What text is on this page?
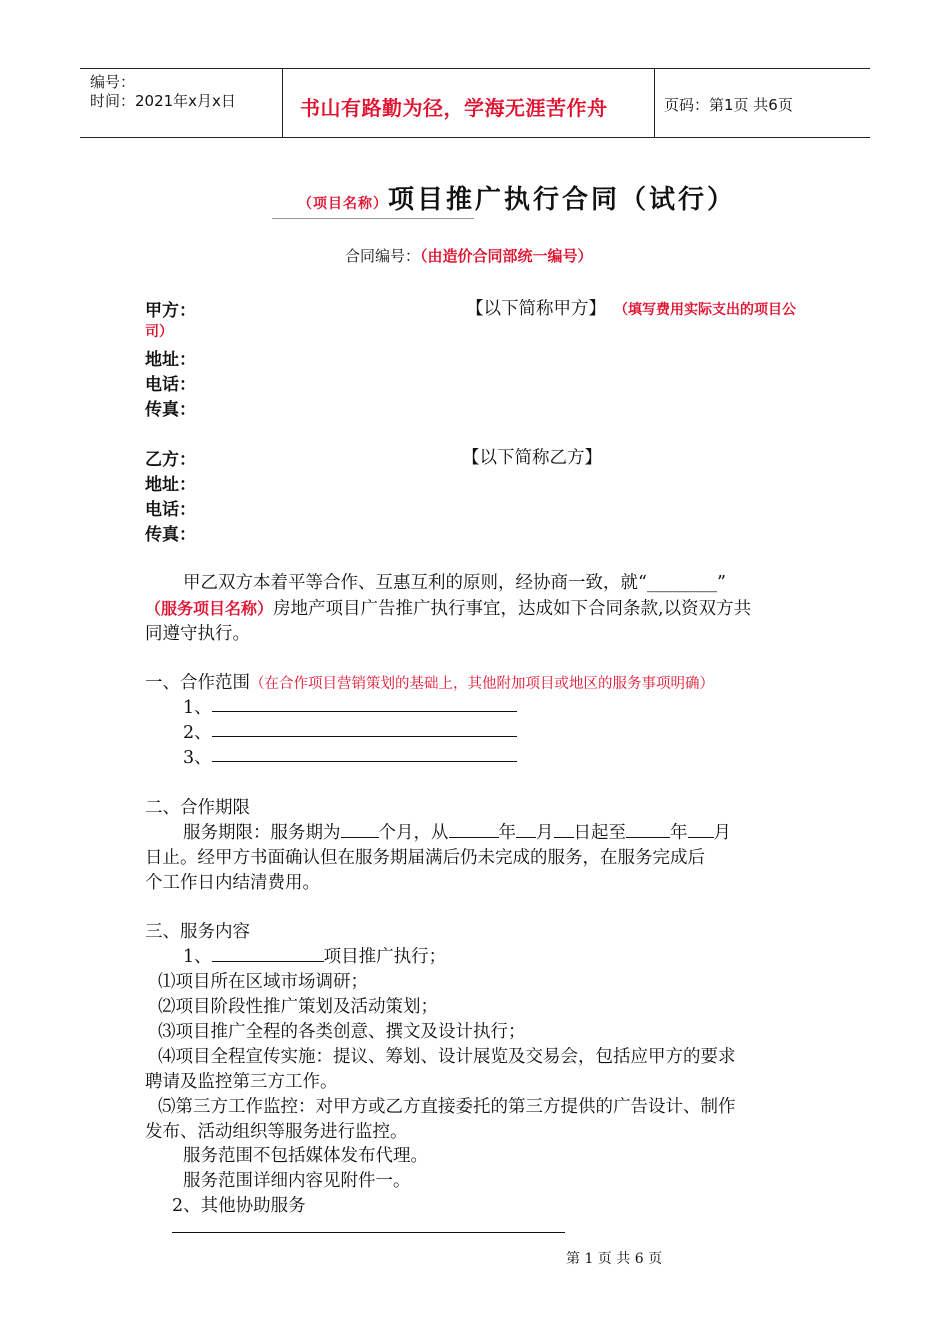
编号：
时间：2021年x月x日	书山有路勤为径，学海无涯苦作舟	页码：第1页 共6页
（项目名称）项目推广执行合同（试行）
合同编号：（由造价合同部统一编号）
甲方：	【以下简称甲方】 （填写费用实际支出的项目公
司）
地址：
电话：
传真：
乙方：	【以下简称乙方】
地址：
电话：
传真：
甲乙双方本着平等合作、互惠互利的原则，经协商一致，就“________”
（服务项目名称）房地产项目广告推广执行事宜，达成如下合同条款,以资双方共
同遵守执行。
一、合作范围（在合作项目营销策划的基础上，其他附加项目或地区的服务事项明确）
1、
2、
3、
二、合作期限
服务期限：服务期为 个月，从	年 月 日起至	年 月
日止。经甲方书面确认但在服务期届满后仍未完成的服务，在服务完成后
个工作日内结清费用。
三、服务内容
1、	项目推广执行；
⑴项目所在区域市场调研；
⑵项目阶段性推广策划及活动策划；
⑶项目推广全程的各类创意、撰文及设计执行；
⑷项目全程宣传实施：提议、筹划、设计展览及交易会，包括应甲方的要求
聘请及监控第三方工作。
⑸第三方工作监控：对甲方或乙方直接委托的第三方提供的广告设计、制作
发布、活动组织等服务进行监控。
服务范围不包括媒体发布代理。
服务范围详细内容见附件一。
2、其他协助服务
第 1 页 共 6 页
